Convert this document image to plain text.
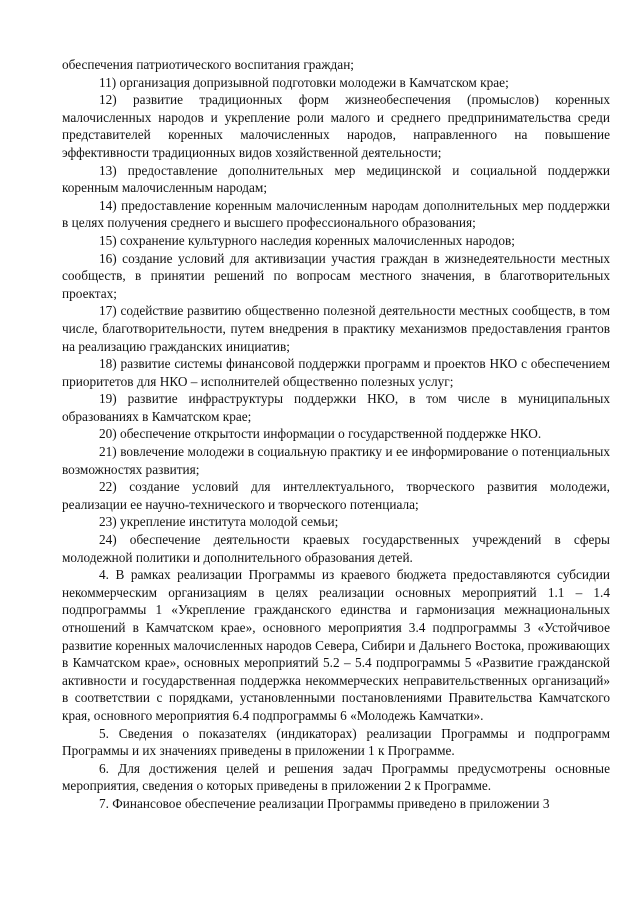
обеспечения патриотического воспитания граждан;

11) организация допризывной подготовки молодежи в Камчатском крае;

12) развитие традиционных форм жизнеобеспечения (промыслов) коренных малочисленных народов и укрепление роли малого и среднего предпринимательства среди представителей коренных малочисленных народов, направленного на повышение эффективности традиционных видов хозяйственной деятельности;

13) предоставление дополнительных мер медицинской и социальной поддержки коренным малочисленным народам;

14) предоставление коренным малочисленным народам дополнительных мер поддержки в целях получения среднего и высшего профессионального образования;

15) сохранение культурного наследия коренных малочисленных народов;

16) создание условий для активизации участия граждан в жизнедеятельности местных сообществ, в принятии решений по вопросам местного значения, в благотворительных проектах;

17) содействие развитию общественно полезной деятельности местных сообществ, в том числе, благотворительности, путем внедрения в практику механизмов предоставления грантов на реализацию гражданских инициатив;

18) развитие системы финансовой поддержки программ и проектов НКО с обеспечением приоритетов для НКО – исполнителей общественно полезных услуг;

19) развитие инфраструктуры поддержки НКО, в том числе в муниципальных образованиях в Камчатском крае;

20) обеспечение открытости информации о государственной поддержке НКО.

21) вовлечение молодежи в социальную практику и ее информирование о потенциальных возможностях развития;

22) создание условий для интеллектуального, творческого развития молодежи, реализации ее научно-технического и творческого потенциала;

23) укрепление института молодой семьи;

24) обеспечение деятельности краевых государственных учреждений в сферы молодежной политики и дополнительного образования детей.

4. В рамках реализации Программы из краевого бюджета предоставляются субсидии некоммерческим организациям в целях реализации основных мероприятий 1.1 – 1.4 подпрограммы 1 «Укрепление гражданского единства и гармонизация межнациональных отношений в Камчатском крае», основного мероприятия 3.4 подпрограммы 3 «Устойчивое развитие коренных малочисленных народов Севера, Сибири и Дальнего Востока, проживающих в Камчатском крае», основных мероприятий 5.2 – 5.4 подпрограммы 5 «Развитие гражданской активности и государственная поддержка некоммерческих неправительственных организаций» в соответствии с порядками, установленными постановлениями Правительства Камчатского края, основного мероприятия 6.4 подпрограммы 6 «Молодежь Камчатки».

5. Сведения о показателях (индикаторах) реализации Программы и подпрограмм Программы и их значениях приведены в приложении 1 к Программе.

6. Для достижения целей и решения задач Программы предусмотрены основные мероприятия, сведения о которых приведены в приложении 2 к Программе.

7. Финансовое обеспечение реализации Программы приведено в приложении 3
